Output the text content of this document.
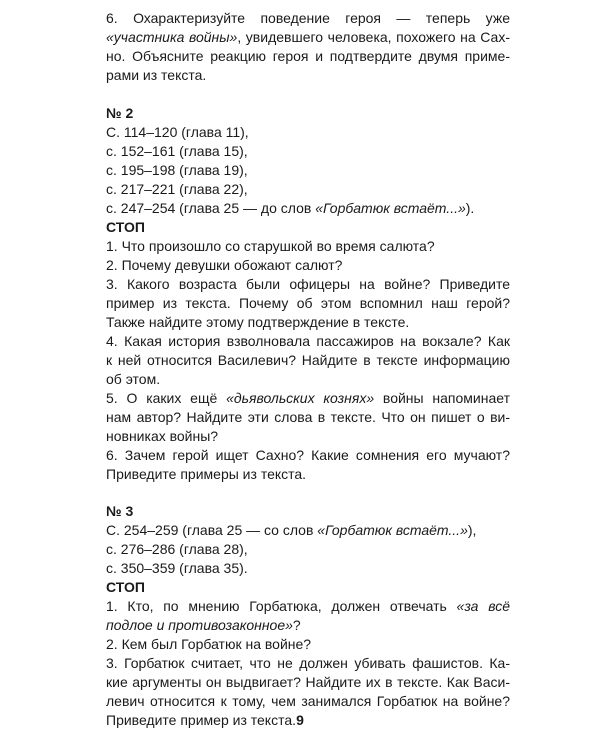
6. Охарактеризуйте поведение героя — теперь уже
«участника войны», увидевшего человека, похожего на Сах-
но. Объясните реакцию героя и подтвердите двумя приме-
рами из текста.

№ 2

С. 114–120 (глава 11),
с. 152–161 (глава 15),
с. 195–198 (глава 19),
с. 217–221 (глава 22),
с. 247–254 (глава 25 — до слов «Горбатюк встаёт...»).

СТОП

1. Что произошло со старушкой во время салюта?
2. Почему девушки обожают салют?
3. Какого возраста были офицеры на войне? Приведите
пример из текста. Почему об этом вспомнил наш герой?
Также найдите этому подтверждение в тексте.
4. Какая история взволновала пассажиров на вокзале? Как
к ней относится Василевич? Найдите в тексте информацию
об этом.
5. О каких ещё «дьявольских кознях» войны напоминает
нам автор? Найдите эти слова в тексте. Что он пишет о ви-
новниках войны?
6. Зачем герой ищет Сахно? Какие сомнения его мучают?
Приведите примеры из текста.

№ 3

С. 254–259 (глава 25 — со слов «Горбатюк встаёт...»),
с. 276–286 (глава 28),
с. 350–359 (глава 35).

СТОП

1. Кто, по мнению Горбатюка, должен отвечать «за всё
подлое и противозаконное»?
2. Кем был Горбатюк на войне?
3. Горбатюк считает, что не должен убивать фашистов. Ка-
кие аргументы он выдвигает? Найдите их в тексте. Как Васи-
левич относится к тому, чем занимался Горбатюк на войне?
Приведите пример из текста. 9
